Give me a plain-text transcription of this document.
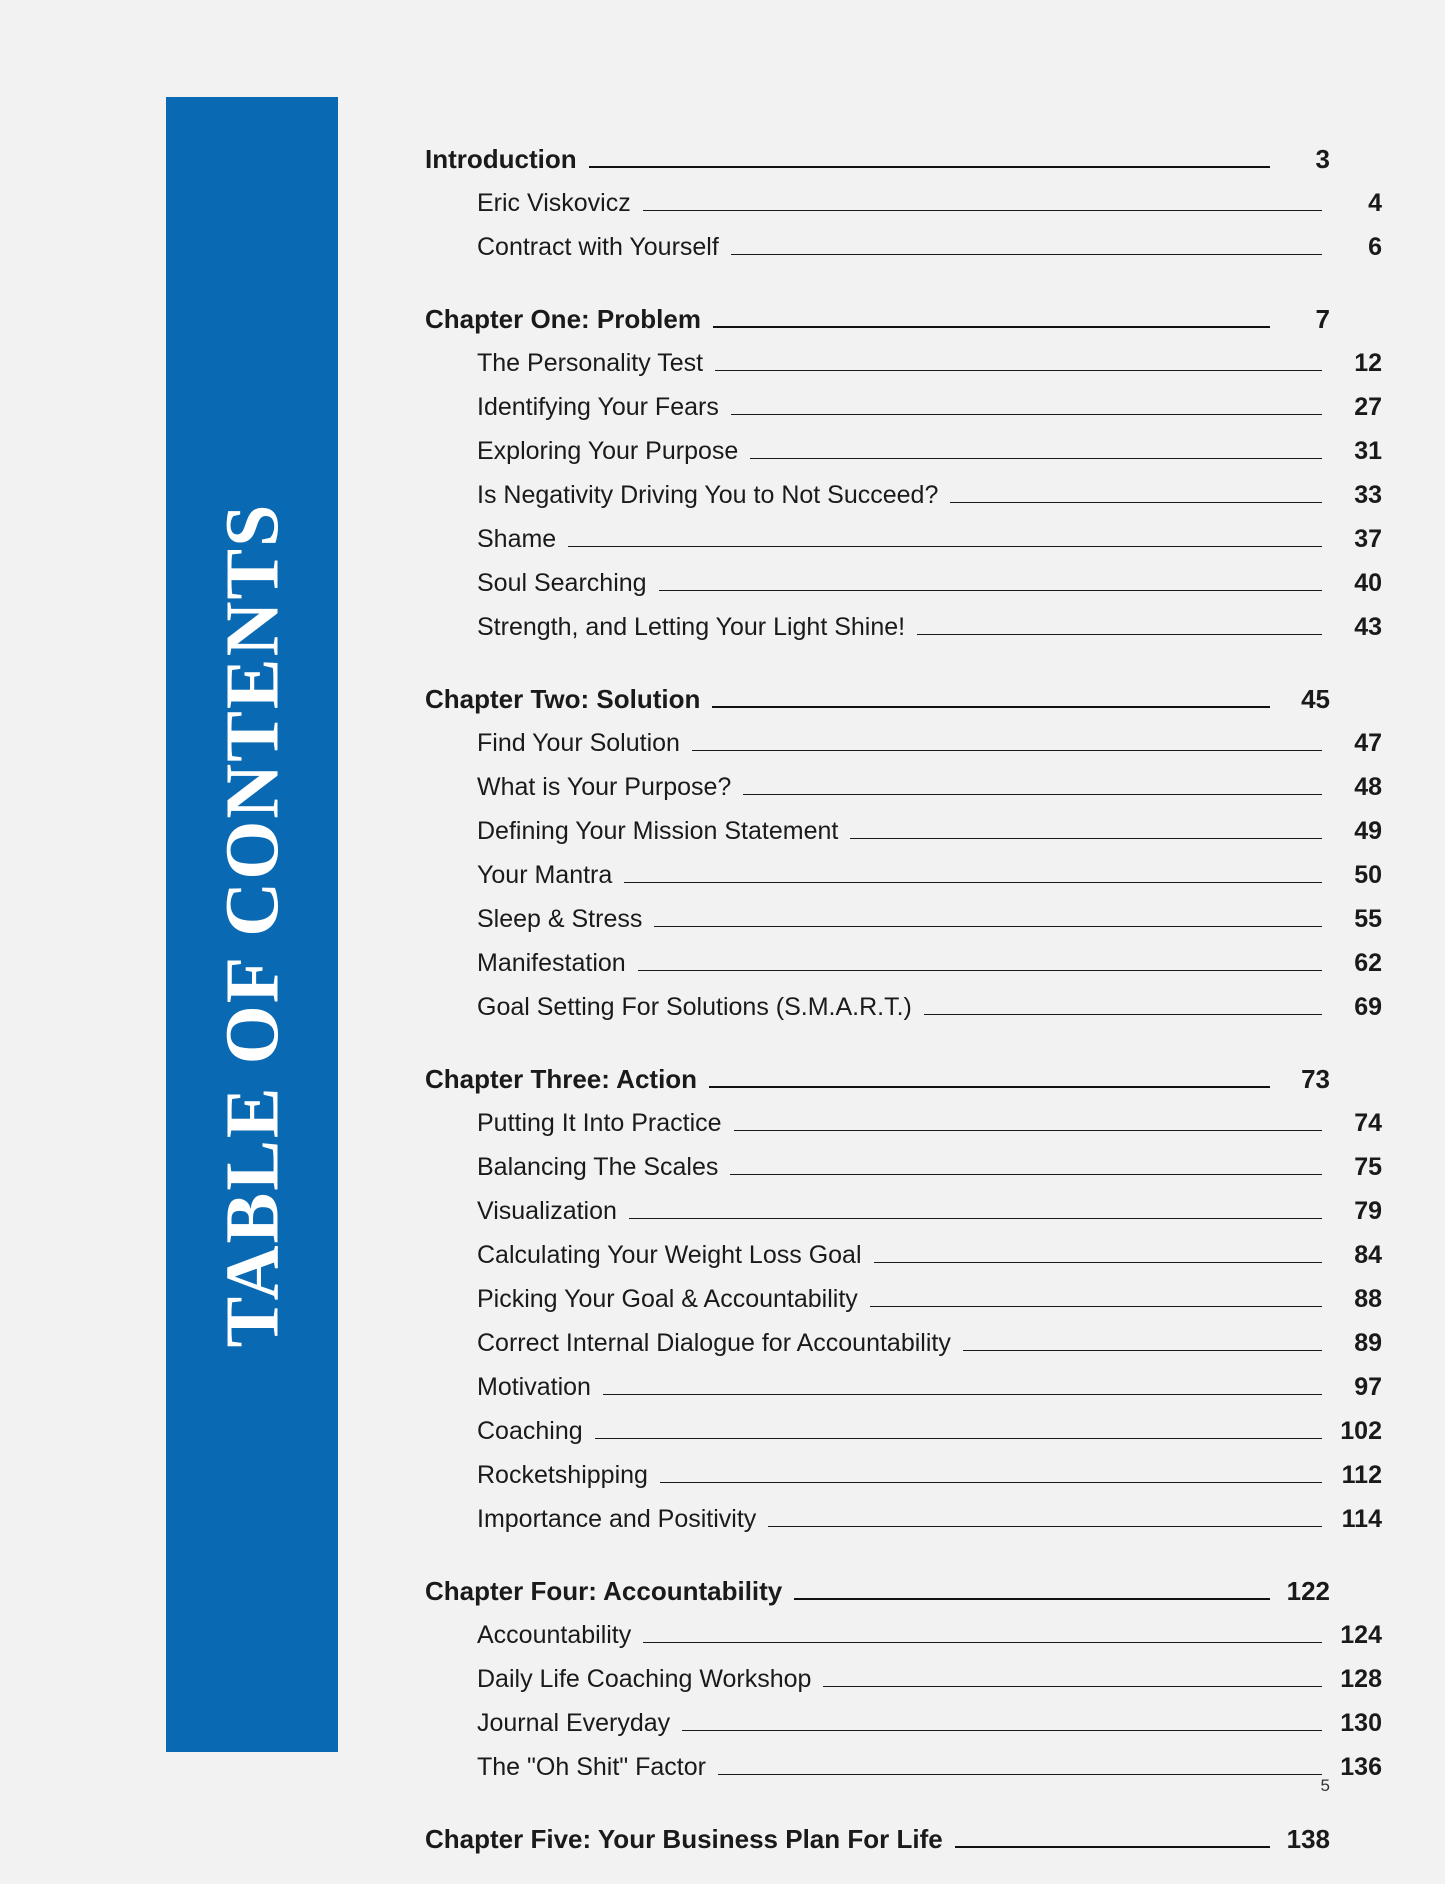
TABLE OF CONTENTS
Introduction	3
Eric Viskovicz	4
Contract with Yourself	6
Chapter One: Problem	7
The Personality Test	12
Identifying Your Fears	27
Exploring Your Purpose	31
Is Negativity Driving You to Not Succeed?	33
Shame	37
Soul Searching	40
Strength, and Letting Your Light Shine!	43
Chapter Two: Solution	45
Find Your Solution	47
What is Your Purpose?	48
Defining Your Mission Statement	49
Your Mantra	50
Sleep & Stress	55
Manifestation	62
Goal Setting For Solutions (S.M.A.R.T.)	69
Chapter Three: Action	73
Putting It Into Practice	74
Balancing The Scales	75
Visualization	79
Calculating Your Weight Loss Goal	84
Picking Your Goal & Accountability	88
Correct Internal Dialogue for Accountability	89
Motivation	97
Coaching	102
Rocketshipping	112
Importance and Positivity	114
Chapter Four: Accountability	122
Accountability	124
Daily Life Coaching Workshop	128
Journal Everyday	130
The "Oh Shit" Factor	136
Chapter Five: Your Business Plan For Life	138
5
